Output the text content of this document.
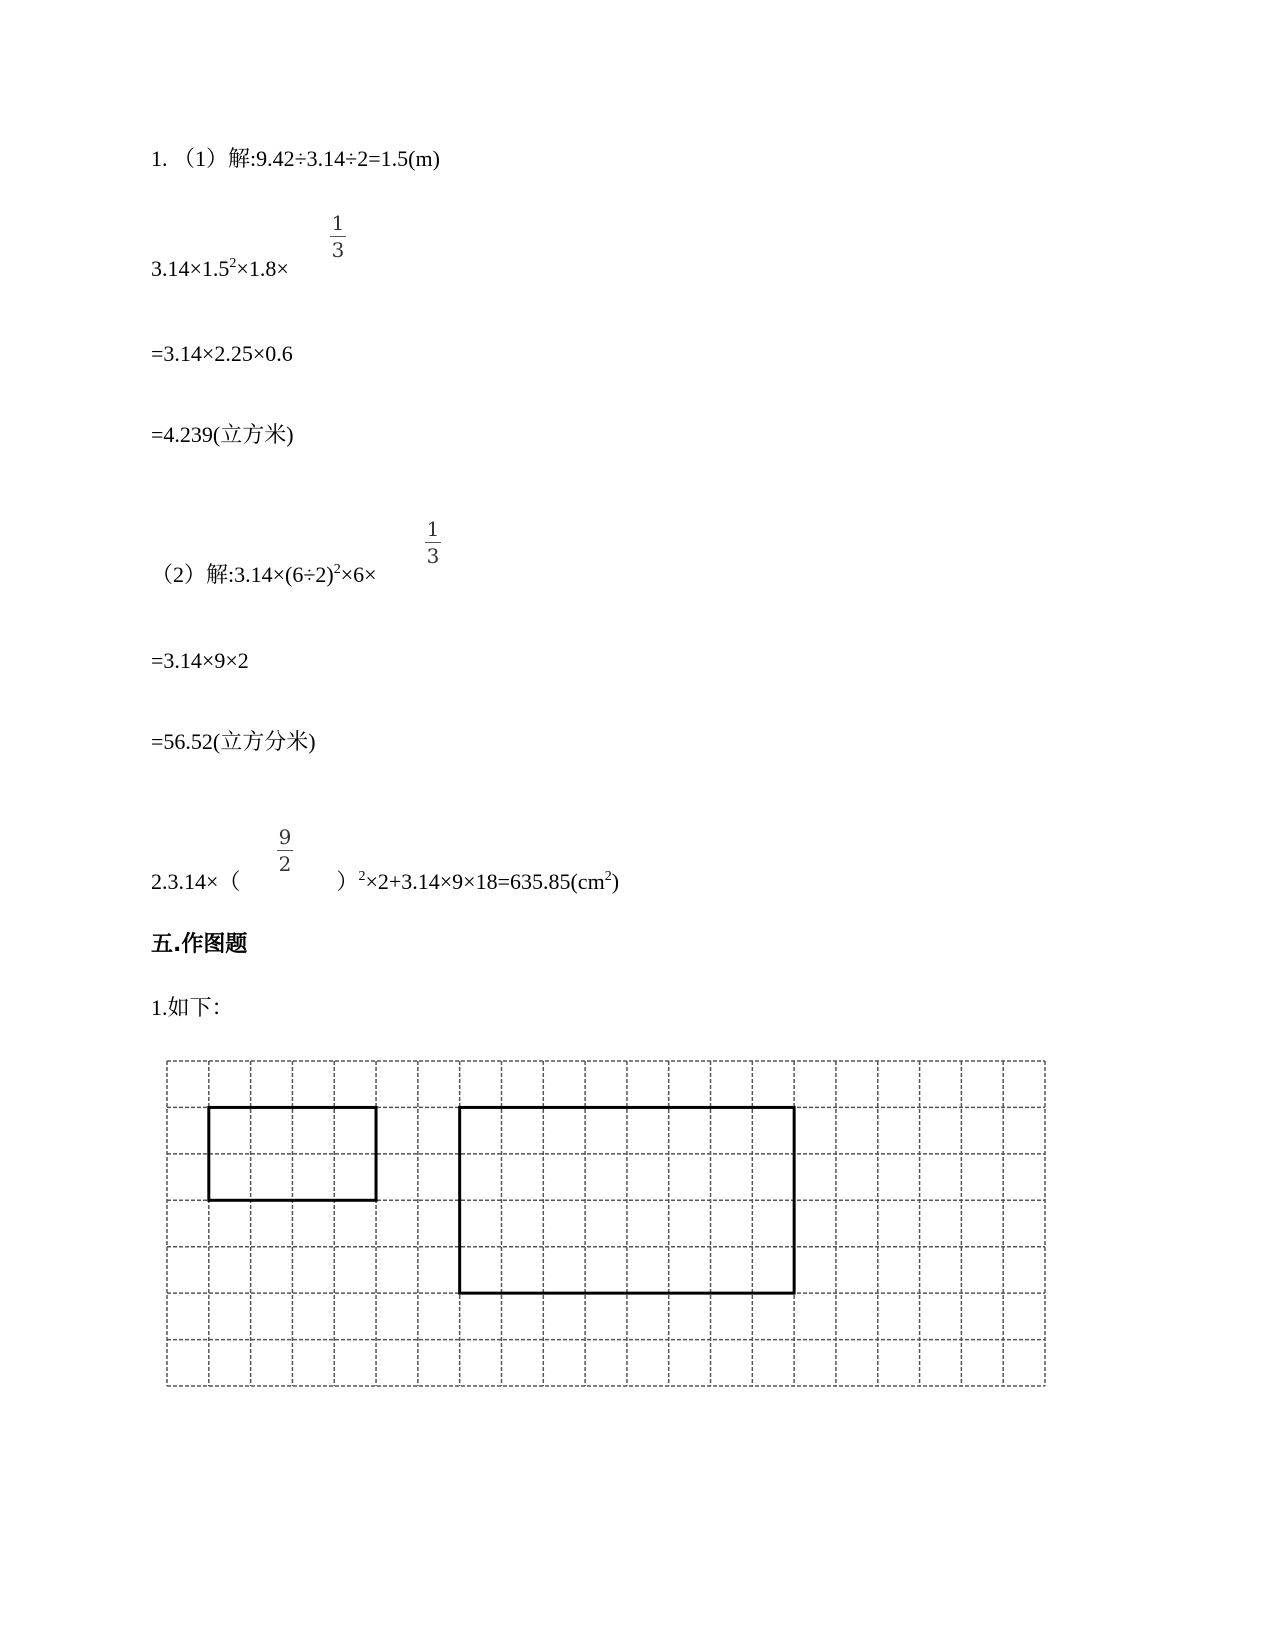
1. （1）解:9.42÷3.14÷2=1.5(m)
$3.14\times 1.5^2\times 1.8\times$
1
3
=3.14×2.25×0.6
=4.239(立方米)
（2）解$:3.14\times(6\div 2)^2\times 6\times$
1
3
=3.14×9×2
=56.52(立方分米)
2.3.14×（	）$^2\times 2+3.14\times 9\times 18=635.85(cm^2)$
9
2
五.作图题
1.如下：
